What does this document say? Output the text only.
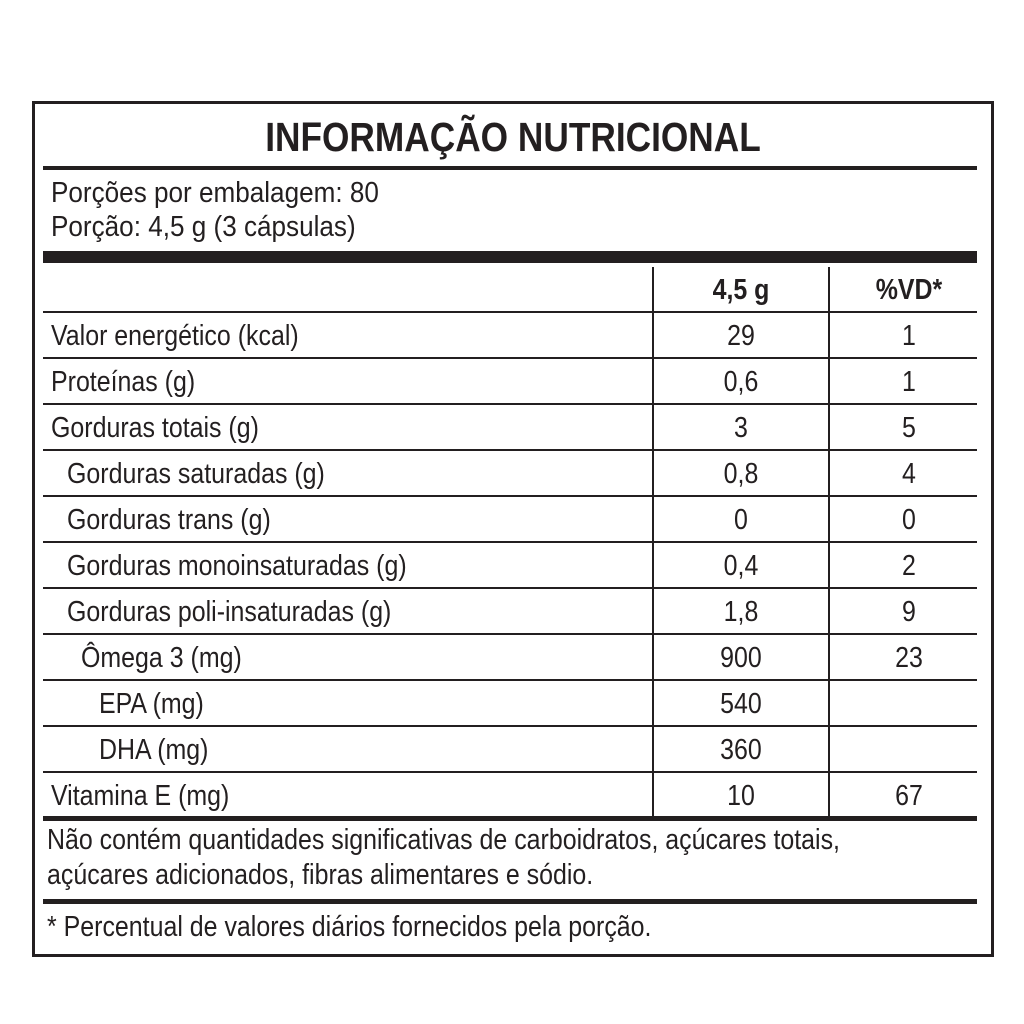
INFORMAÇÃO NUTRICIONAL
Porções por embalagem: 80
Porção: 4,5 g (3 cápsulas)
4,5 g	%VD*
Valor energético (kcal)	29	1
Proteínas (g)	0,6	1
Gorduras totais (g)	3	5
Gorduras saturadas (g)	0,8	4
Gorduras trans (g)	0	0
Gorduras monoinsaturadas (g)	0,4	2
Gorduras poli-insaturadas (g)	1,8	9
Ômega 3 (mg)	900	23
EPA (mg)	540
DHA (mg)	360
Vitamina E (mg)	10	67
Não contém quantidades significativas de carboidratos, açúcares totais,
açúcares adicionados, fibras alimentares e sódio.
* Percentual de valores diários fornecidos pela porção.
